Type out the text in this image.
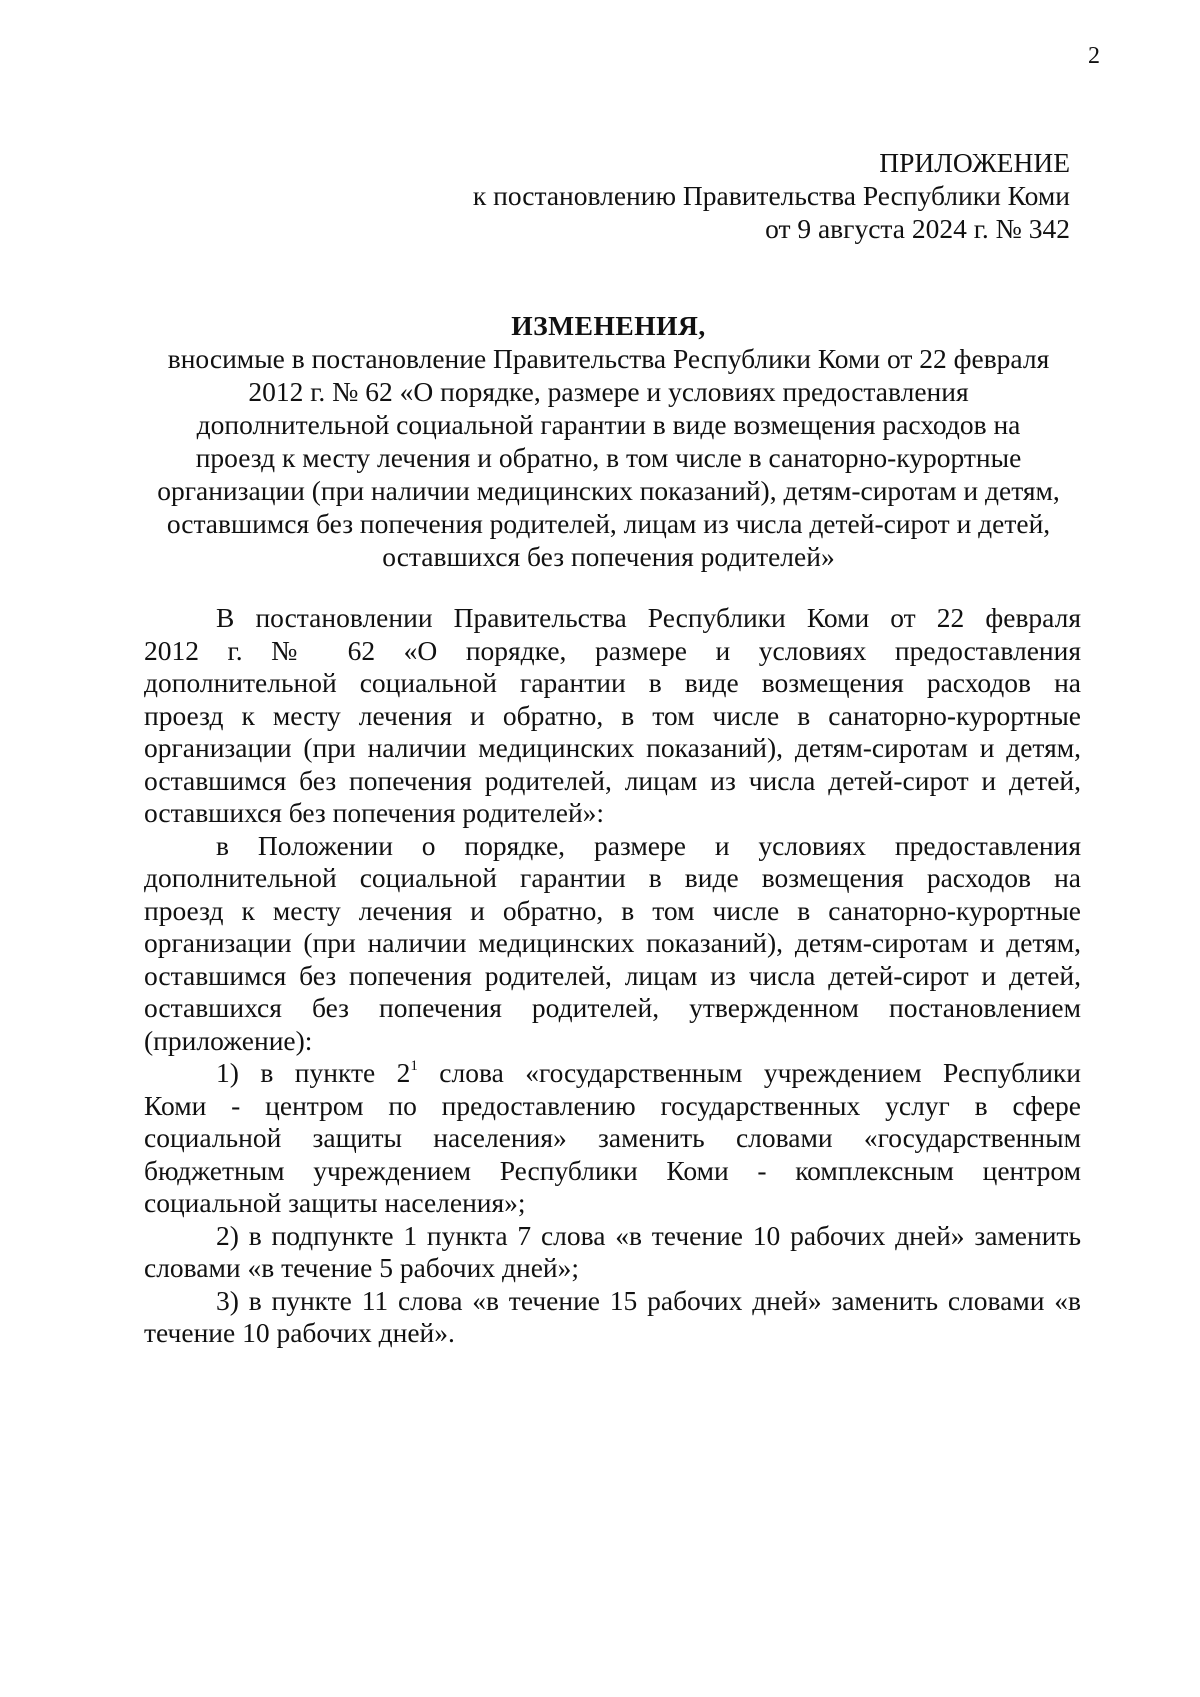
2
ПРИЛОЖЕНИЕ
к постановлению Правительства Республики Коми
от 9 августа 2024 г. № 342
ИЗМЕНЕНИЯ,
вносимые в постановление Правительства Республики Коми от 22 февраля
2012 г. № 62 «О порядке, размере и условиях предоставления
дополнительной социальной гарантии в виде возмещения расходов на
проезд к месту лечения и обратно, в том числе в санаторно-курортные
организации (при наличии медицинских показаний), детям-сиротам и детям,
оставшимся без попечения родителей, лицам из числа детей-сирот и детей,
оставшихся без попечения родителей»
В постановлении Правительства Республики Коми от 22 февраля
2012 г. № 62 «О порядке, размере и условиях предоставления
дополнительной социальной гарантии в виде возмещения расходов на
проезд к месту лечения и обратно, в том числе в санаторно-курортные
организации (при наличии медицинских показаний), детям-сиротам и детям,
оставшимся без попечения родителей, лицам из числа детей-сирот и детей,
оставшихся без попечения родителей»:
в Положении о порядке, размере и условиях предоставления
дополнительной социальной гарантии в виде возмещения расходов на
проезд к месту лечения и обратно, в том числе в санаторно-курортные
организации (при наличии медицинских показаний), детям-сиротам и детям,
оставшимся без попечения родителей, лицам из числа детей-сирот и детей,
оставшихся без попечения родителей, утвержденном постановлением
(приложение):
1) в пункте $2^1$ слова «государственным учреждением Республики
Коми - центром по предоставлению государственных услуг в сфере
социальной защиты населения» заменить словами «государственным
бюджетным учреждением Республики Коми - комплексным центром
социальной защиты населения»;
2) в подпункте 1 пункта 7 слова «в течение 10 рабочих дней» заменить
словами «в течение 5 рабочих дней»;
3) в пункте 11 слова «в течение 15 рабочих дней» заменить словами «в
течение 10 рабочих дней».
